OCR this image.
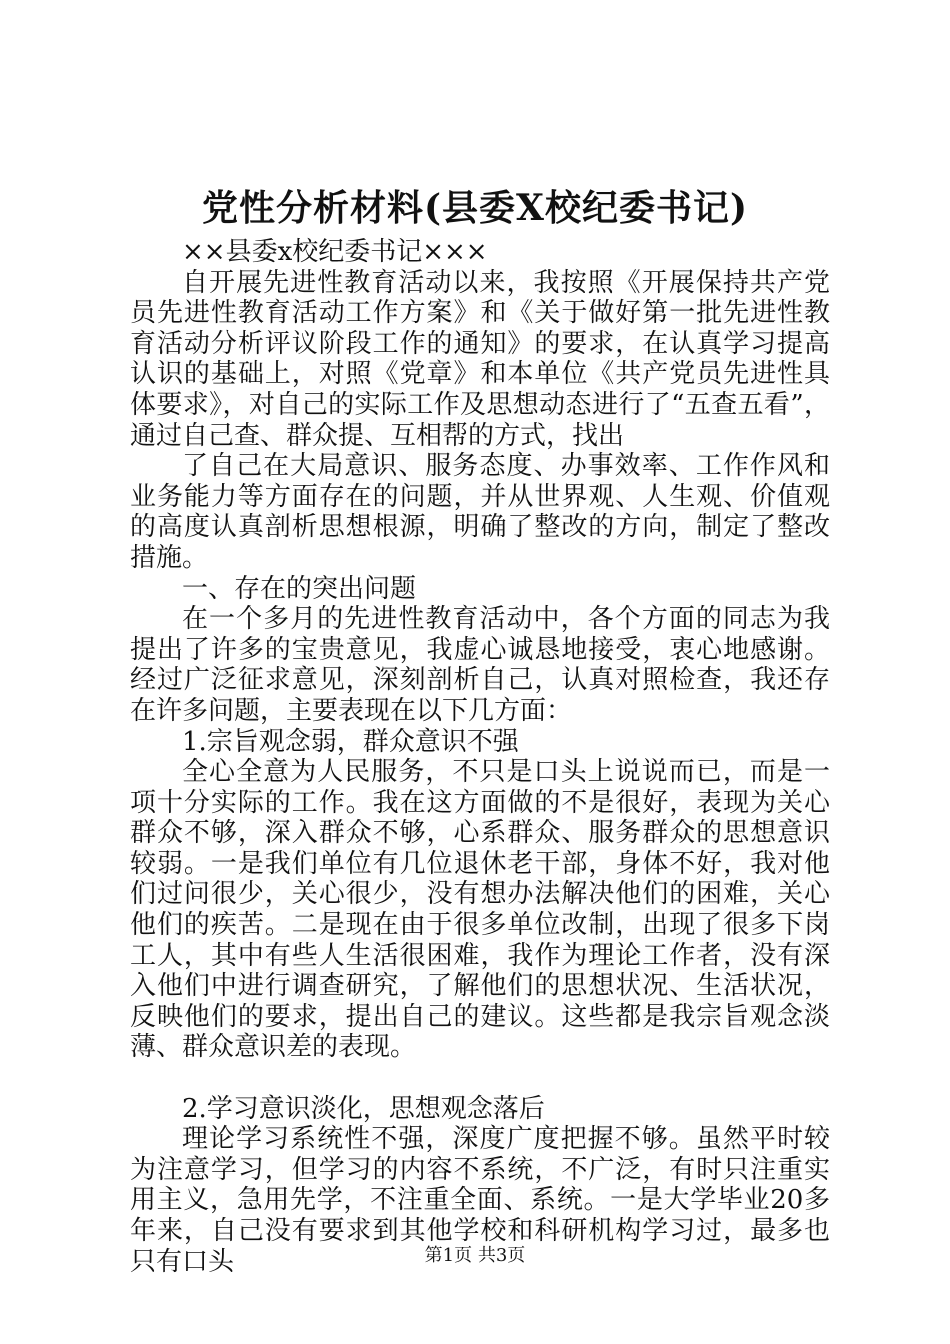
党性分析材料(县委X校纪委书记)

××县委x校纪委书记×××

自开展先进性教育活动以来，我按照《开展保持共产党员先进性教育活动工作方案》和《关于做好第一批先进性教育活动分析评议阶段工作的通知》的要求，在认真学习提高认识的基础上，对照《党章》和本单位《共产党员先进性具体要求》，对自己的实际工作及思想动态进行了“五查五看”，通过自己查、群众提、互相帮的方式，找出

了自己在大局意识、服务态度、办事效率、工作作风和业务能力等方面存在的问题，并从世界观、人生观、价值观的高度认真剖析思想根源，明确了整改的方向，制定了整改措施。

一、存在的突出问题

在一个多月的先进性教育活动中，各个方面的同志为我提出了许多的宝贵意见，我虚心诚恳地接受，衷心地感谢。经过广泛征求意见，深刻剖析自己，认真对照检查，我还存在许多问题，主要表现在以下几方面：

1.宗旨观念弱，群众意识不强

全心全意为人民服务，不只是口头上说说而已，而是一项十分实际的工作。我在这方面做的不是很好，表现为关心群众不够，深入群众不够，心系群众、服务群众的思想意识较弱。一是我们单位有几位退休老干部，身体不好，我对他们过问很少，关心很少，没有想办法解决他们的困难，关心他们的疾苦。二是现在由于很多单位改制，出现了很多下岗工人，其中有些人生活很困难，我作为理论工作者，没有深入他们中进行调查研究，了解他们的思想状况、生活状况，反映他们的要求，提出自己的建议。这些都是我宗旨观念淡薄、群众意识差的表现。

2.学习意识淡化，思想观念落后

理论学习系统性不强，深度广度把握不够。虽然平时较为注意学习，但学习的内容不系统，不广泛，有时只注重实用主义，急用先学，不注重全面、系统。一是大学毕业20多年来，自己没有要求到其他学校和科研机构学习过，最多也只有口头	第1页 共3页
